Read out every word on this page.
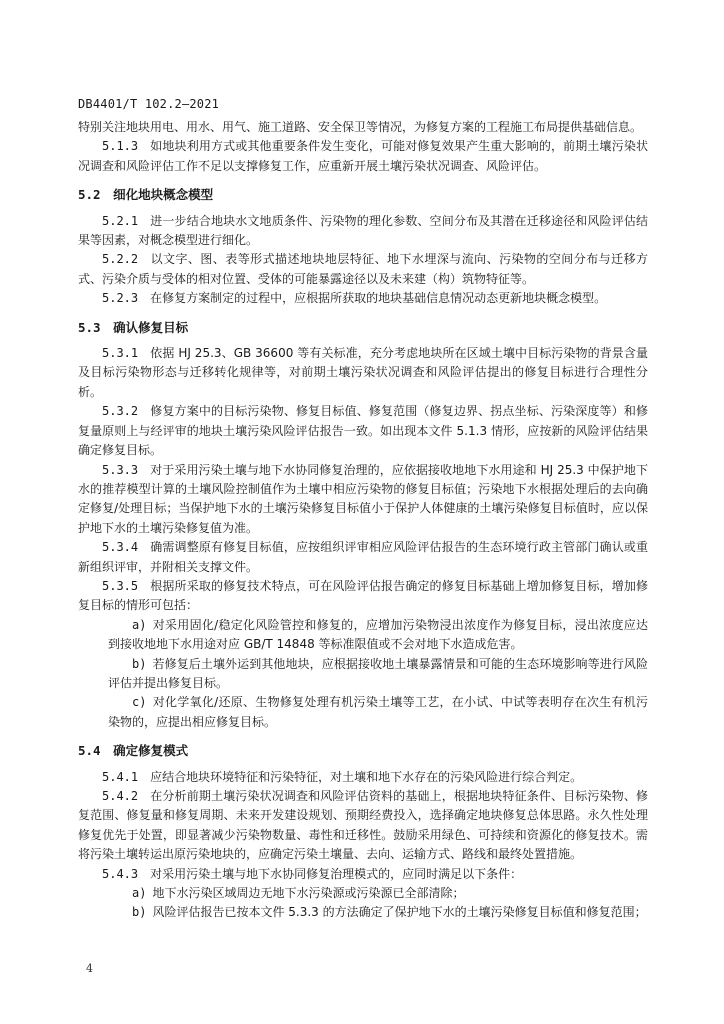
DB4401/T 102.2—2021

特别关注地块用电、用水、用气、施工道路、安全保卫等情况，为修复方案的工程施工布局提供基础信息。

5.1.3  如地块利用方式或其他重要条件发生变化，可能对修复效果产生重大影响的，前期土壤污染状况调查和风险评估工作不足以支撑修复工作，应重新开展土壤污染状况调查、风险评估。

5.2  细化地块概念模型

5.2.1  进一步结合地块水文地质条件、污染物的理化参数、空间分布及其潜在迁移途径和风险评估结果等因素，对概念模型进行细化。

5.2.2  以文字、图、表等形式描述地块地层特征、地下水埋深与流向、污染物的空间分布与迁移方式、污染介质与受体的相对位置、受体的可能暴露途径以及未来建（构）筑物特征等。

5.2.3  在修复方案制定的过程中，应根据所获取的地块基础信息情况动态更新地块概念模型。

5.3  确认修复目标

5.3.1  依据 HJ 25.3、GB 36600 等有关标准，充分考虑地块所在区域土壤中目标污染物的背景含量及目标污染物形态与迁移转化规律等，对前期土壤污染状况调查和风险评估提出的修复目标进行合理性分析。

5.3.2  修复方案中的目标污染物、修复目标值、修复范围（修复边界、拐点坐标、污染深度等）和修复量原则上与经评审的地块土壤污染风险评估报告一致。如出现本文件 5.1.3 情形，应按新的风险评估结果确定修复目标。

5.3.3  对于采用污染土壤与地下水协同修复治理的，应依据接收地地下水用途和 HJ 25.3 中保护地下水的推荐模型计算的土壤风险控制值作为土壤中相应污染物的修复目标值；污染地下水根据处理后的去向确定修复/处理目标；当保护地下水的土壤污染修复目标值小于保护人体健康的土壤污染修复目标值时，应以保护地下水的土壤污染修复值为准。

5.3.4  确需调整原有修复目标值，应按组织评审相应风险评估报告的生态环境行政主管部门确认或重新组织评审，并附相关支撑文件。

5.3.5  根据所采取的修复技术特点，可在风险评估报告确定的修复目标基础上增加修复目标，增加修复目标的情形可包括：

a)  对采用固化/稳定化风险管控和修复的，应增加污染物浸出浓度作为修复目标，浸出浓度应达到接收地地下水用途对应 GB/T 14848 等标准限值或不会对地下水造成危害。

b)  若修复后土壤外运到其他地块，应根据接收地土壤暴露情景和可能的生态环境影响等进行风险评估并提出修复目标。

c)  对化学氧化/还原、生物修复处理有机污染土壤等工艺，在小试、中试等表明存在次生有机污染物的，应提出相应修复目标。

5.4  确定修复模式

5.4.1  应结合地块环境特征和污染特征，对土壤和地下水存在的污染风险进行综合判定。

5.4.2  在分析前期土壤污染状况调查和风险评估资料的基础上，根据地块特征条件、目标污染物、修复范围、修复量和修复周期、未来开发建设规划、预期经费投入，选择确定地块修复总体思路。永久性处理修复优先于处置，即显著减少污染物数量、毒性和迁移性。鼓励采用绿色、可持续和资源化的修复技术。需将污染土壤转运出原污染地块的，应确定污染土壤量、去向、运输方式、路线和最终处置措施。

5.4.3  对采用污染土壤与地下水协同修复治理模式的，应同时满足以下条件：

a)  地下水污染区域周边无地下水污染源或污染源已全部清除；

b)  风险评估报告已按本文件 5.3.3 的方法确定了保护地下水的土壤污染修复目标值和修复范围；

4
